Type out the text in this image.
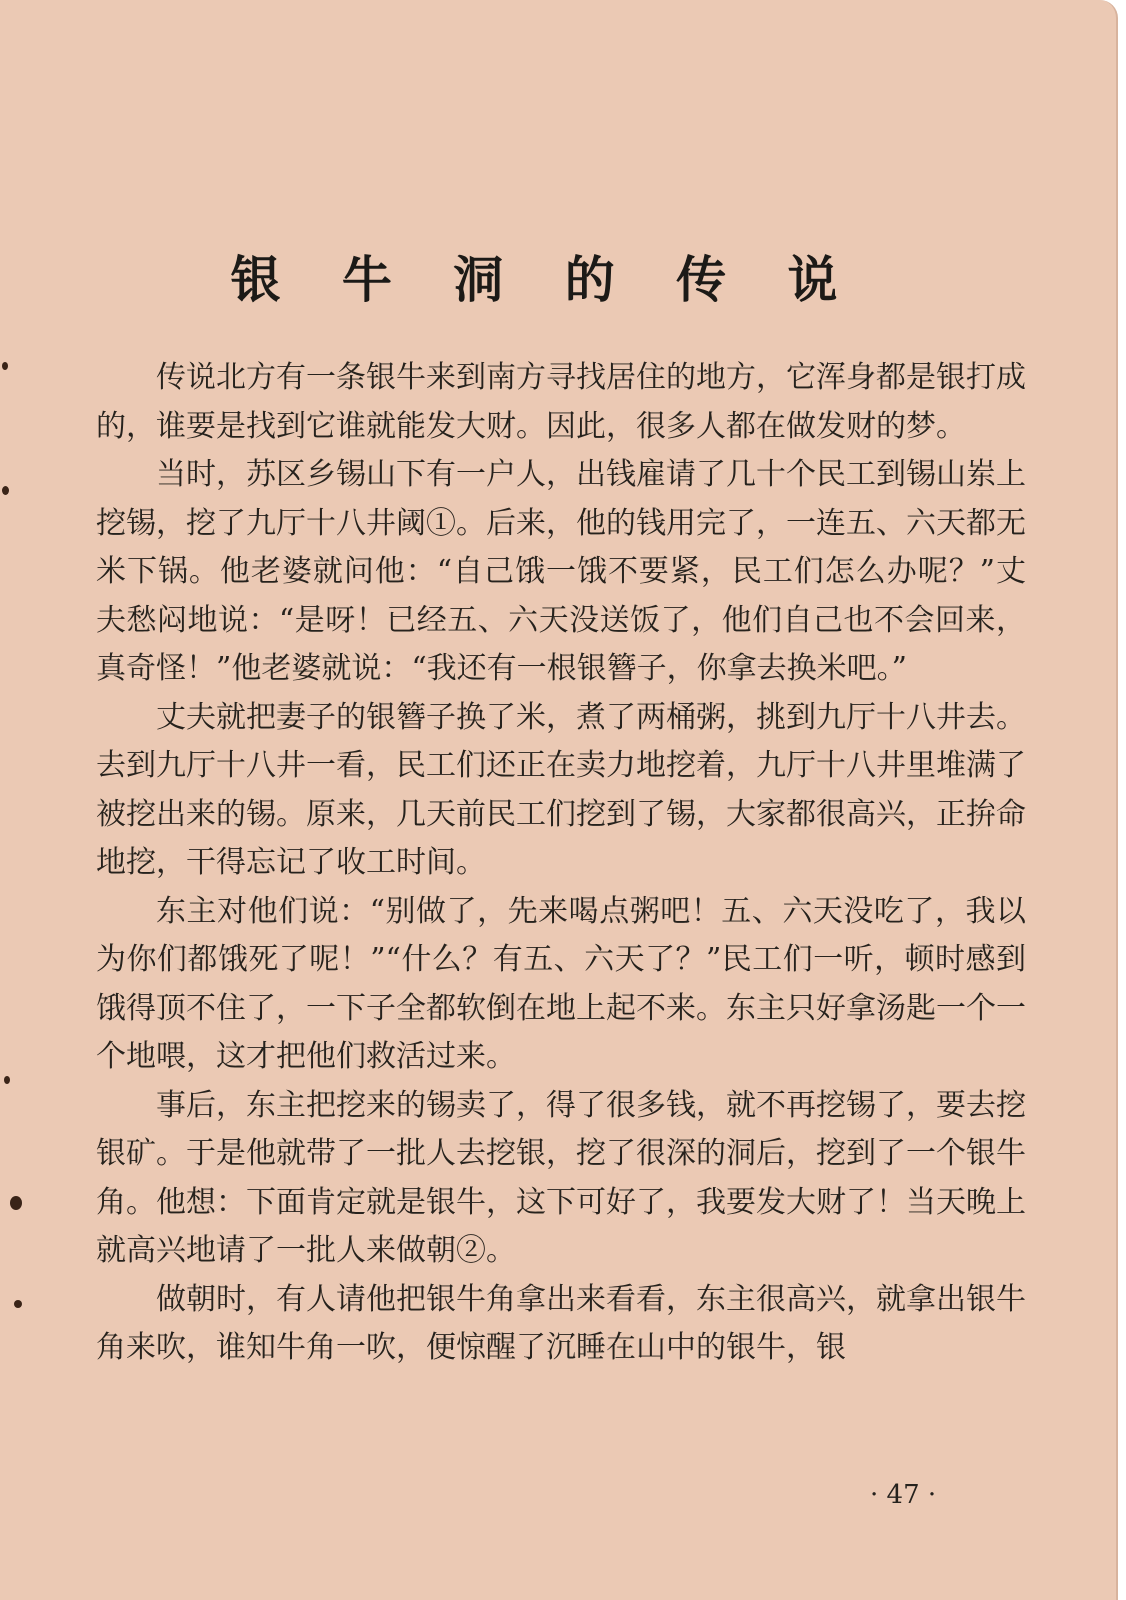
银 牛 洞 的 传 说

传说北方有一条银牛来到南方寻找居住的地方，它浑身都是银打成的，谁要是找到它谁就能发大财。因此，很多人都在做发财的梦。

当时，苏区乡锡山下有一户人，出钱雇请了几十个民工到锡山岽上挖锡，挖了九厅十八井阈①。后来，他的钱用完了，一连五、六天都无米下锅。他老婆就问他：“自己饿一饿不要紧，民工们怎么办呢？”丈夫愁闷地说：“是呀！已经五、六天没送饭了，他们自己也不会回来，真奇怪！”他老婆就说：“我还有一根银簪子，你拿去换米吧。”

丈夫就把妻子的银簪子换了米，煮了两桶粥，挑到九厅十八井去。去到九厅十八井一看，民工们还正在卖力地挖着，九厅十八井里堆满了被挖出来的锡。原来，几天前民工们挖到了锡，大家都很高兴，正拚命地挖，干得忘记了收工时间。

东主对他们说：“别做了，先来喝点粥吧！五、六天没吃了，我以为你们都饿死了呢！”“什么？有五、六天了？”民工们一听，顿时感到饿得顶不住了，一下子全都软倒在地上起不来。东主只好拿汤匙一个一个地喂，这才把他们救活过来。

事后，东主把挖来的锡卖了，得了很多钱，就不再挖锡了，要去挖银矿。于是他就带了一批人去挖银，挖了很深的洞后，挖到了一个银牛角。他想：下面肯定就是银牛，这下可好了，我要发大财了！当天晚上就高兴地请了一批人来做朝②。

做朝时，有人请他把银牛角拿出来看看，东主很高兴，就拿出银牛角来吹，谁知牛角一吹，便惊醒了沉睡在山中的银牛，银

· 47 ·
